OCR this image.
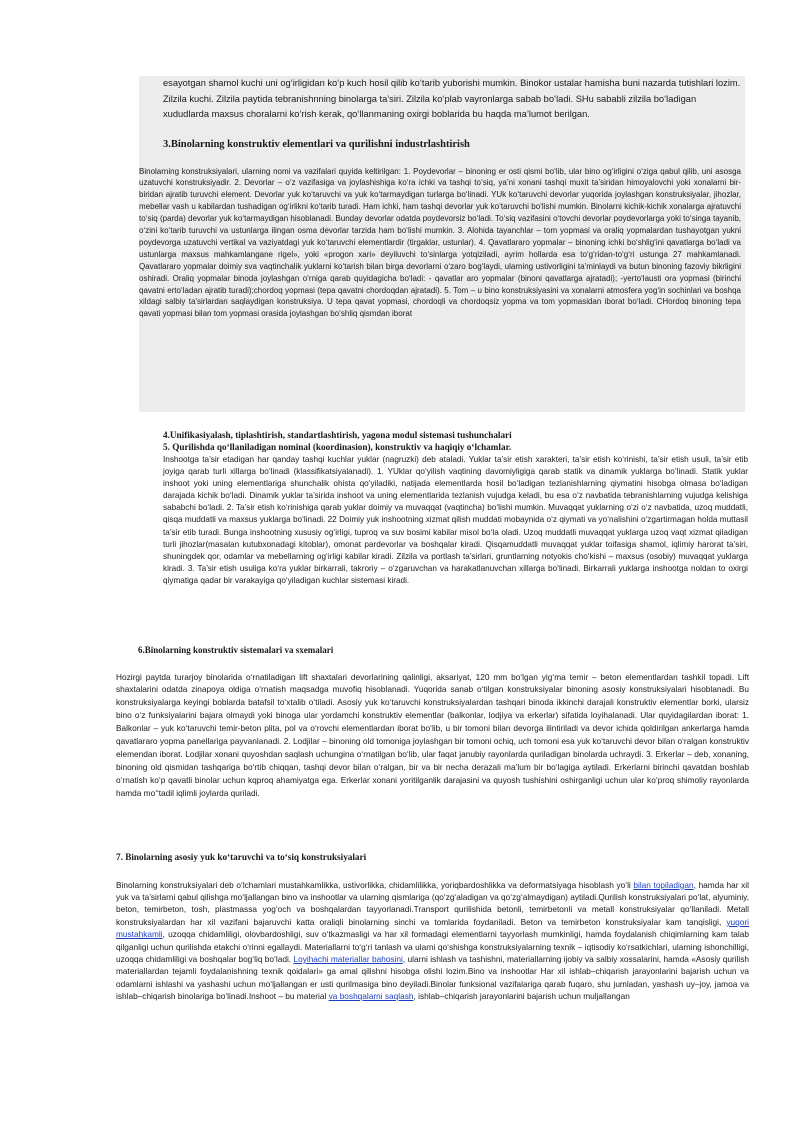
esayotgan shamol kuchi uni og‘irligidan ko‘p kuch hosil qilib ko‘tarib yuborishi mumkin. Binokor ustalar hamisha buni nazarda tutishlari lozim. Zilzila kuchi. Zilzila paytida tebranishnning binolarga ta’siri. Zilzila ko‘plab vayronlarga sabab bo‘ladi. SHu sababli zilzila bo‘ladigan xududlarda maxsus choralarni ko‘rish kerak, qo‘llanmaning oxirgi boblarida bu haqda ma’lumot berilgan.

3.Binolarning konstruktiv elementlari va qurilishni industrlashtirish

Binolarning konstruksiyalari, ularning nomi va vazifalari quyida keltirilgan: 1. Poydevorlar – binoning er osti qismi bo‘lib, ular bino og‘irligini o‘ziga qabul qilib, uni asosga uzatuvchi konstruksiyadir. 2. Devorlar – o‘z vazifasiga va joylashishiga ko‘ra ichki va tashqi to‘siq, ya’ni xonani tashqi muxit ta’siridan himoyalovchi yoki xonalarni bir-biridan ajratib turuvchi element. Devorlar yuk ko‘taruvchi va yuk ko‘tarmaydigan turlarga bo‘linadi. YUk ko‘taruvchi devorlar yuqorida joylashgan konstruksiyalar, jihozlar, mebellar vash u kabilardan tushadigan og‘irlikni ko‘tarib turadi. Ham ichki, ham tashqi devorlar yuk ko‘taruvchi bo‘lishi mumkin. Binolarni kichik-kichik xonalarga ajratuvchi to‘siq (parda) devorlar yuk ko‘tarmaydigan hisoblanadi. Bunday devorlar odatda poydevorsiz bo‘ladi. To‘siq vazifasini o‘tovchi devorlar poydevorlarga yoki to‘singa tayanib, o‘zini ko‘tarib turuvchi va ustunlarga ilingan osma devorlar tarzida ham bo‘lishi mumkin. 3. Alohida tayanchlar – tom yopmasi va oraliq yopmalardan tushayotgan yukni poydevorga uzatuvchi vertikal va vaziyatdagi yuk ko‘taruvchi elementlardir (tirgaklar, ustunlar). 4. Qavatlararo yopmalar – binoning ichki bo‘shlig‘ini qavatlarga bo‘ladi va ustunlarga maxsus mahkamlangane rigel», yoki «progon xari» deyiluvchi to‘sinlarga yotqiziladi, ayrim hollarda esa to‘g‘ridan-to‘g‘ri ustunga 27 mahkamlanadi. Qavatlararo yopmalar doimiy sva vaqtinchalik yuklarni ko‘tarish bilan birga devorlarni o‘zaro bog‘laydi, ularning ustivorligini ta’minlaydi va butun binoning fazoviy bikrligini oshiradi. Oraliq yopmalar binoda joylashgan o‘rniga qarab quyidagicha bo‘ladi: - qavatlar aro yopmalar (binoni qavatlarga ajratadi); -yerto‘lausti ora yopmasi (birinchi qavatni erto‘ladan ajratib turadi);chordoq yopmasi (tepa qavatni chordoqdan ajratadi). 5. Tom – u bino konstruksiyasini va xonalarni atmosfera yog‘in sochinlari va boshqa xildagi salbiy ta’sirlardan saqlaydigan konstruksiya. U tepa qavat yopmasi, chordoqli va chordoqsiz yopma va tom yopmasidan iborat bo‘ladi. CHordoq binoning tepa qavati yopmasi bilan tom yopmasi orasida joylashgan bo‘shliq qismdan iborat

4.Unifikasiyalash, tiplashtirish, standartlashtirish, yagona modul sistemasi tushunchalari

5. Qurilishda qo‘llaniladigan nominal (koordinasion), konstruktiv va haqiqiy o‘lchamlar.

Inshootga ta’sir etadigan har qanday tashqi kuchlar yuklar (nagruzki) deb ataladi. Yuklar ta’sir etish xarakteri, ta’sir etish ko‘rinishi, ta’sir etish usuli, ta’sir etib joyiga qarab turli xillarga bo‘linadi (klassifikatsiyalanadi). 1. YUklar qo‘yilish vaqtining davomiyligiga qarab statik va dinamik yuklarga bo‘linadi. Statik yuklar inshoot yoki uning elementlariga shunchalik ohista qo‘yiladiki, natijada elementlarda hosil bo‘ladigan tezlanishlarning qiymatini hisobga olmasa bo‘ladigan darajada kichik bo‘ladi. Dinamik yuklar ta’sirida inshoot va uning elementlarida tezlanish vujudga keladi, bu esa o‘z navbatida tebranishlarning vujudga kelishiga sababchi bo‘ladi. 2. Ta’sir etish ko‘rinishiga qarab yuklar doimiy va muvaqqat (vaqtincha) bo‘lishi mumkin. Muvaqqat yuklarning o‘zi o‘z navbatida, uzoq muddatli, qisqa muddatli va maxsus yuklarga bo‘linadi. 22 Doimiy yuk inshootning xizmat qilish muddati mobaynida o‘z qiymati va yo‘nalishini o‘zgartirmagan holda muttasil ta’sir etib turadi. Bunga inshootning xususiy og‘irligi, tuproq va suv bosimi kabilar misol bo‘la oladi. Uzoq muddatli muvaqqat yuklarga uzoq vaqt xizmat qiladigan turli jihozlar(masalan kutubxonadagi kitoblar), omonat pardevorlar va boshqalar kiradi. Qisqamuddatli muvaqqat yuklar toifasiga shamol, iqlimiy harorat ta’siri, shuningdek qor, odamlar va mebellarning og‘irligi kabilar kiradi. Zilzila va portlash ta’sirlari, gruntlarning notyokis cho‘kishi – maxsus (osobiy) muvaqqat yuklarga kiradi. 3. Ta’sir etish usuliga ko‘ra yuklar birkarrali, takroriy – o‘zgaruvchan va harakatlanuvchan xillarga bo‘linadi. Birkarrali yuklarga inshootga noldan to oxirgi qiymatiga qadar bir varakayiga qo‘yiladigan kuchlar sistemasi kiradi.

6.Binolarning konstruktiv sistemalari va sxemalari

Hozirgi paytda turarjoy binolarida o‘rnatiladigan lift shaxtalari devorlarining qalinligi, aksariyat, 120 mm bo‘lgan yig‘ma temir – beton elementlardan tashkil topadi. Lift shaxtalarini odatda zinapoya oldiga o‘rnatish maqsadga muvofiq hisoblanadi. Yuqorida sanab o‘tilgan konstruksiyalar binoning asosiy konstruksiyalari hisoblanadi. Bu konstruksiyalarga keyingi boblarda batafsil to‘xtalib o‘tiladi. Asosiy yuk ko‘taruvchi konstruksiyalardan tashqari binoda ikkinchi darajali konstruktiv elementlar borki, ularsiz bino o‘z funksiyalarini bajara olmaydi yoki binoga ular yordamchi konstruktiv elementlar (balkonlar, lodjiya va erkerlar) sifatida loyihalanadi. Ular quyidagilardan iborat: 1. Balkonlar – yuk ko‘taruvchi temir-beton plita, pol va o‘rovchi elementlardan iborat bo‘lib, u bir tomoni bilan devorga ilintiriladi va devor ichida qoldirilgan ankerlarga hamda qavatlararo yopma panellariga payvanlanadi. 2. Lodjilar – binoning old tomoniga joylashgan bir tomoni ochiq, uch tomoni esa yuk ko‘taruvchi devor bilan o‘ralgan konstruktiv elemendan iborat. Lodjilar xonani quyoshdan saqlash uchungina o‘rnatilgan bo‘lib, ular faqat janubiy rayonlarda quriladigan binolarda uchraydi. 3. Erkerlar – deb, xonaning, binoning old qismidan tashqariga bo‘rtib chiqqan, tashqi devor bilan o‘ralgan, bir va bir necha derazali ma’lum bir bo‘lagiga aytiladi. Erkerlarni birinchi qavatdan boshlab o‘rnatish ko‘p qavatli binolar uchun kqproq ahamiyatga ega. Erkerlar xonani yoritilganlik darajasini va quyosh tushishini oshirganligi uchun ular ko‘proq shimoliy rayonlarda hamda mo‘‘tadil iqlimli joylarda quriladi.

7. Binolarning asosiy yuk ko‘taruvchi va to‘siq konstruksiyalari

Binolarning konstruksiyalari deb o‘lchamlari mustahkamlikka, ustivorlikka, chidamlilikka, yoriqbardoshlikka va deformatsiyaga hisoblash yo‘li bilan topiladigan, hamda har xil yuk va ta’sirlarni qabul qilishga mo‘ljallangan bino va inshootlar va ularning qismlariga (qo‘zg‘aladigan va qo‘zg‘almaydigan) aytiladi.Qurilish konstruksiyalari po‘lat, alyuminiy, beton, temirbeton, tosh, plastmassa yog‘och va boshqalardan tayyorlanadi.Transport qurilishida betonli, temirbetonli va metall konstruksiyalar qo‘llaniladi. Metall konstruksiyalardan har xil vazifani bajaruvchi katta oraliqli binolarning sinchi va tomlarida foydaniladi. Beton va temirbeton konstruksiyalar kam tanqisligi, yuqori mustahkamli, uzoqqa chidamliligi, olovbardoshligi, suv o‘tkazmasligi va har xil formadagi elementlarni tayyorlash mumkinligi, hamda foydalanish chiqimlarning kam talab qilganligi uchun qurilishda etakchi o‘rinni egallaydi. Materiallarni to‘g‘ri tanlash va ularni qo‘shishga konstruksiyalarning texnik – iqtisodiy ko‘rsatkichlari, ularning ishonchilligi, uzoqqa chidamliligi va boshqalar bog‘liq bo‘ladi. Loyihachi materiallar bahosini, ularni ishlash va tashishni, materiallarning ijobiy va salbiy xossalarini, hamda «Asosiy qurilish materiallardan tejamli foydalanishning texnik qoidalari» ga amal qilishni hisobga olishi lozim.Bino va inshootlar Har xil ishlab–chiqarish jarayonlarini bajarish uchun va odamlarni ishlashi va yashashi uchun mo‘ljallangan er usti qurilmasiga bino deyiladi.Binolar funksional vazifalariga qarab fuqaro, shu jumladan, yashash uy–joy, jamoa va ishlab–chiqarish binolariga bo‘linadi.Inshoot – bu material va boshqalarni saqlash, ishlab–chiqarish jarayonlarini bajarish uchun muljallangan
